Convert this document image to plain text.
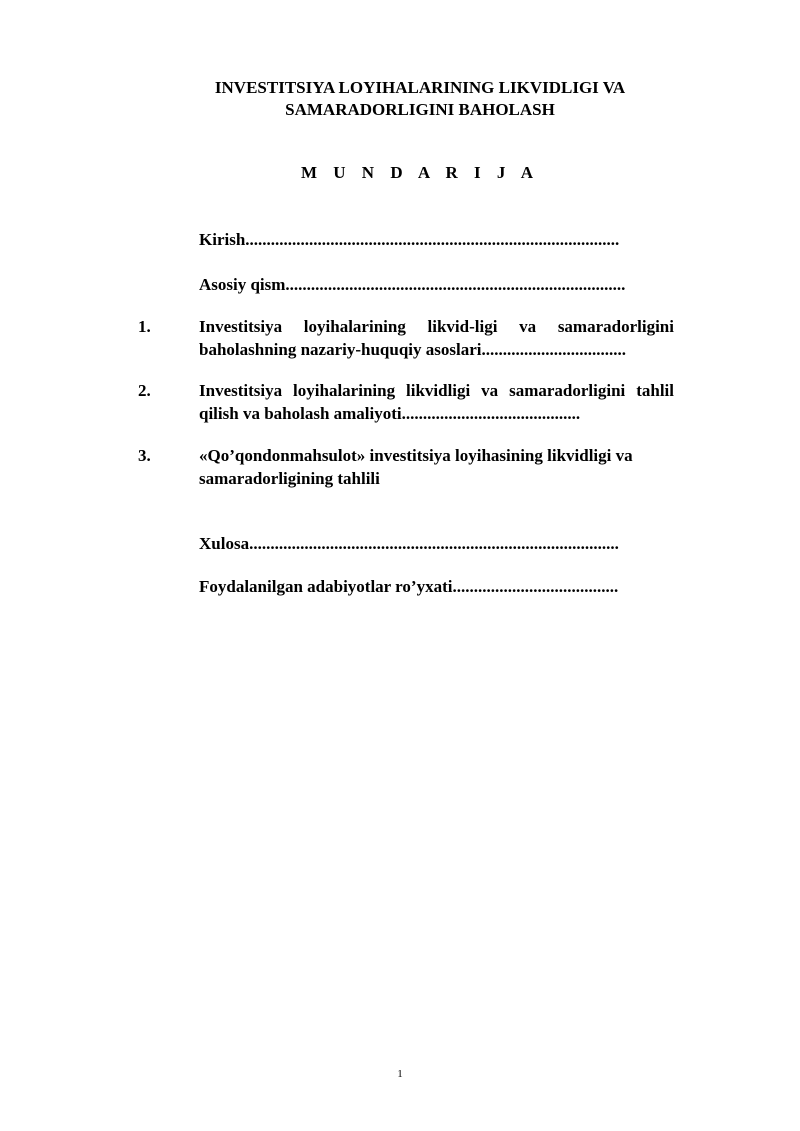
INVESTITSIYA LOYIHALARINING LIKVIDLIGI VA
SAMARADORLIGINI BAHOLASH
M U N D A R I J A
Kirish........................................................................................
Asosiy qism................................................................................
1.	Investitsiya loyihalarining likvid-ligi va samaradorligini baholashning nazariy-huquqiy asoslari..................................
2.	Investitsiya loyihalarining likvidligi va samaradorligini tahlil qilish va baholash amaliyoti..........................................
3.	«Qo’qondonmahsulot» investitsiya loyihasining likvidligi va samaradorligining tahlili
Xulosa.......................................................................................
Foydalanilgan adabiyotlar ro’yxati.......................................
1
